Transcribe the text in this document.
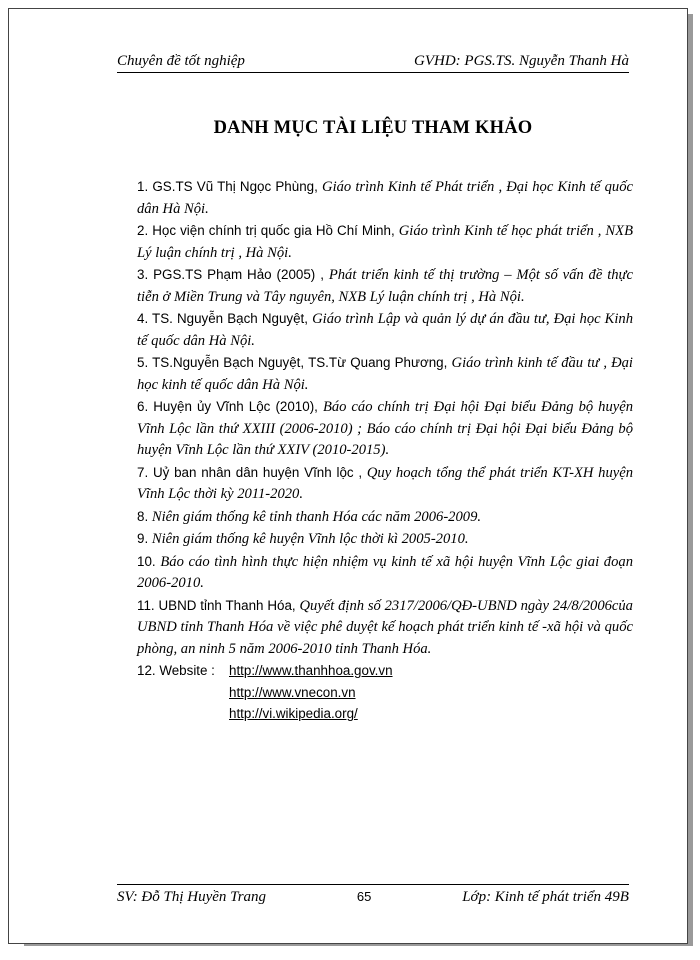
Chuyên đề tốt nghiệp	GVHD: PGS.TS. Nguyễn Thanh Hà
DANH MỤC TÀI LIỆU THAM KHẢO

1. GS.TS Vũ Thị Ngọc Phùng, Giáo trình Kinh tế Phát triển , Đại học Kinh tế quốc dân Hà Nội.

2. Học viện chính trị quốc gia Hồ Chí Minh, Giáo trình Kinh tế học phát triển , NXB Lý luận chính trị , Hà Nội.

3. PGS.TS Phạm Hảo (2005) , Phát triển kinh tế thị trường – Một số vấn đề thực tiễn ở Miền Trung và Tây nguyên, NXB Lý luận chính trị , Hà Nội.

4. TS. Nguyễn Bạch Nguyệt, Giáo trình Lập và quản lý dự án đầu tư, Đại học Kinh tế quốc dân Hà Nội.

5. TS.Nguyễn Bạch Nguyệt, TS.Từ Quang Phương, Giáo trình kinh tế đầu tư , Đại học kinh tế quốc dân Hà Nội.

6. Huyện ủy Vĩnh Lộc (2010), Báo cáo chính trị Đại hội Đại biểu Đảng bộ huyện Vĩnh Lộc lần thứ XXIII (2006-2010) ; Báo cáo chính trị Đại hội Đại biểu Đảng bộ huyện Vĩnh Lộc lần thứ XXIV (2010-2015).

7. Uỷ ban nhân dân huyện Vĩnh lộc , Quy hoạch tổng thể phát triển KT-XH huyện Vĩnh Lộc thời kỳ 2011-2020.

8. Niên giám thống kê tỉnh thanh Hóa các năm 2006-2009.

9. Niên giám thống kê huyện Vĩnh lộc thời kì 2005-2010.

10. Báo cáo tình hình thực hiện nhiệm vụ kinh tế xã hội huyện Vĩnh Lộc giai đoạn 2006-2010.

11. UBND tỉnh Thanh Hóa, Quyết định số 2317/2006/QĐ-UBND ngày 24/8/2006của UBND tỉnh Thanh Hóa về việc phê duyệt kế hoạch phát triển kinh tế -xã hội và quốc phòng, an ninh 5 năm 2006-2010 tỉnh Thanh Hóa.

12. Website :	http://www.thanhhoa.gov.vn
http://www.vnecon.vn
http://vi.wikipedia.org/
SV: Đỗ Thị Huyền Trang	65	Lớp: Kinh tế phát triển 49B
